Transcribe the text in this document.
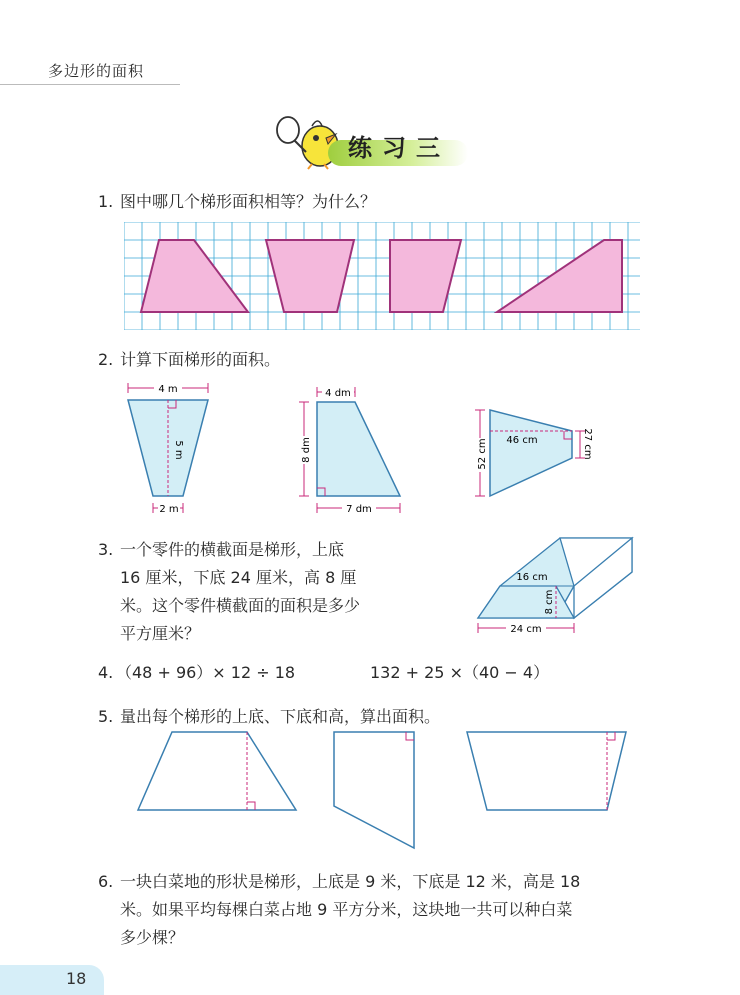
多边形的面积
练习三
1. 图中哪几个梯形面积相等？为什么？
2. 计算下面梯形的面积。
4 m
5 m
2 m
4 dm
8 dm
7 dm
52 cm 46 cm	27 cm
3. 一个零件的横截面是梯形，上底
16 厘米，下底 24 厘米，高 8 厘
米。这个零件横截面的面积是多少
平方厘米？
16 cm
8 cm
24 cm
4. （48 + 96）× 12 ÷ 18	132 + 25 ×（40 − 4）
5. 量出每个梯形的上底、下底和高，算出面积。
6. 一块白菜地的形状是梯形，上底是 9 米，下底是 12 米，高是 18
米。如果平均每棵白菜占地 9 平方分米，这块地一共可以种白菜
多少棵？
18
